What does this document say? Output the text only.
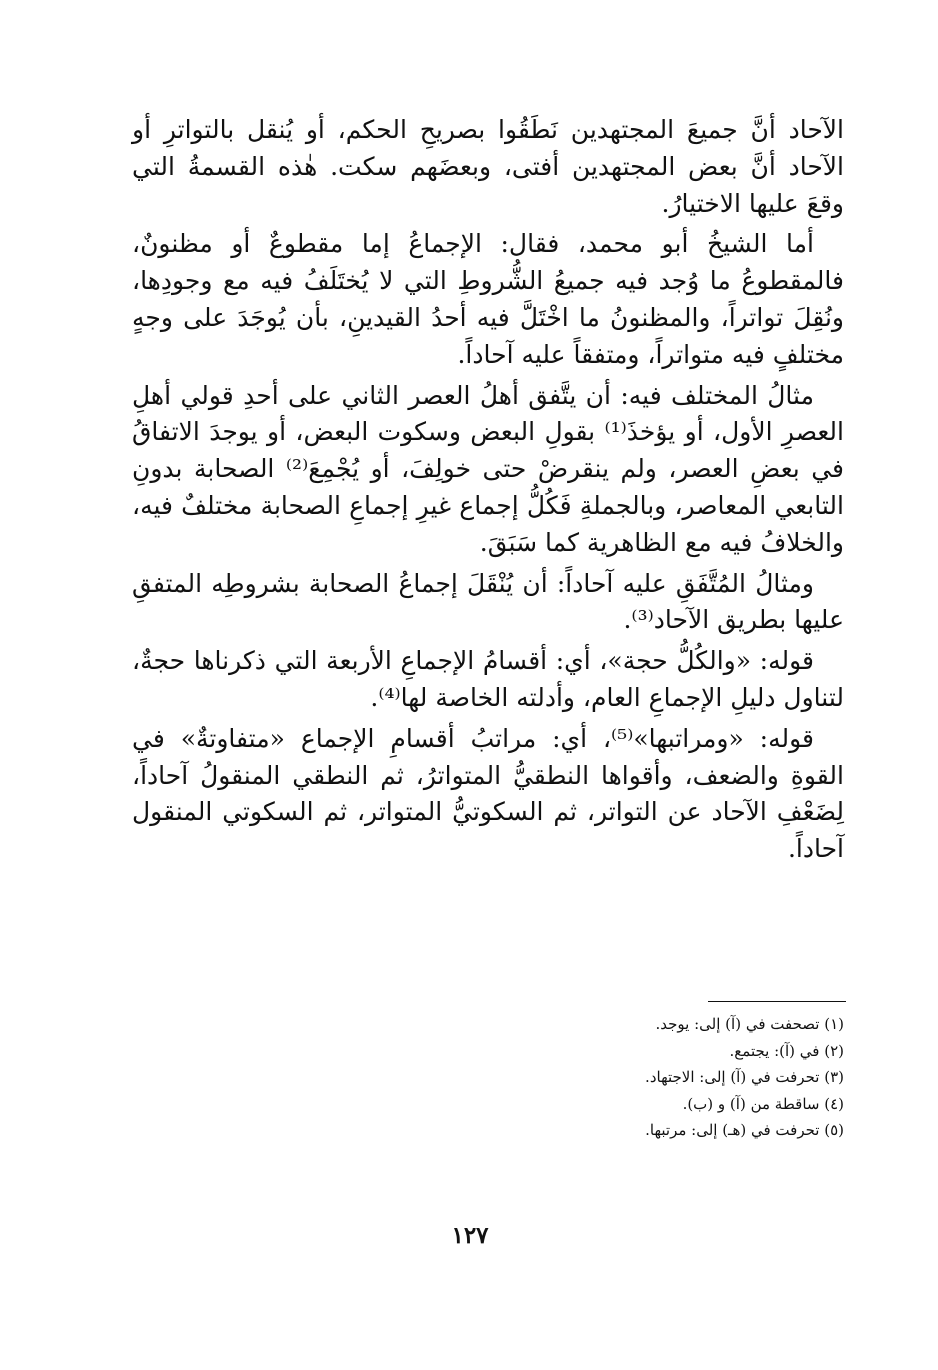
الآحاد أنَّ جميعَ المجتهدين نَطَقُوا بصريحِ الحكم، أو يُنقل بالتواترِ أو الآحاد أنَّ بعض المجتهدين أفتى، وبعضَهم سكت. هٰذه القسمةُ التي وقعَ عليها الاختيارُ.

أما الشيخُ أبو محمد، فقال: الإجماعُ إما مقطوعٌ أو مظنونٌ، فالمقطوعُ ما وُجد فيه جميعُ الشُّروطِ التي لا يُختَلَفُ فيه مع وجودِها، ونُقِلَ تواتراً، والمظنونُ ما اخْتَلَّ فيه أحدُ القيدينِ، بأن يُوجَدَ على وجهٍ مختلفٍ فيه متواتراً، ومتفقاً عليه آحاداً.

مثالُ المختلف فيه: أن يتَّفق أهلُ العصر الثاني على أحدِ قولي أهلِ العصرِ الأول، أو يؤخذَ⁽¹⁾ بقولِ البعض وسكوت البعض، أو يوجدَ الاتفاقُ في بعضِ العصر، ولم ينقرضْ حتى خولِفَ، أو يُجْمِعَ⁽²⁾ الصحابة بدونِ التابعي المعاصر، وبالجملةِ فَكُلُّ إجماع غيرِ إجماعِ الصحابة مختلفٌ فيه، والخلافُ فيه مع الظاهرية كما سَبَقَ.

ومثالُ المُتَّفَقِ عليه آحاداً: أن يُنْقَلَ إجماعُ الصحابة بشروطِه المتفقِ عليها بطريق الآحاد⁽³⁾.

قوله: «والكُلُّ حجة»، أي: أقسامُ الإجماعِ الأربعة التي ذكرناها حجةٌ، لتناول دليلِ الإجماعِ العام، وأدلته الخاصة لها⁽⁴⁾.

قوله: «ومراتبها»⁽⁵⁾، أي: مراتبُ أقسامِ الإجماع «متفاوتةٌ» في القوةِ والضعف، وأقواها النطقيُّ المتواترُ، ثم النطقي المنقولُ آحاداً، لِضَعْفِ الآحاد عن التواتر، ثم السكوتيُّ المتواتر، ثم السكوتي المنقول آحاداً.

(١) تصحفت في (آ) إلى: يوجد.

(٢) في (آ): يجتمع.

(٣) تحرفت في (آ) إلى: الاجتهاد.

(٤) ساقطة من (آ) و (ب).

(٥) تحرفت في (هـ) إلى: مرتبها.

١٢٧
